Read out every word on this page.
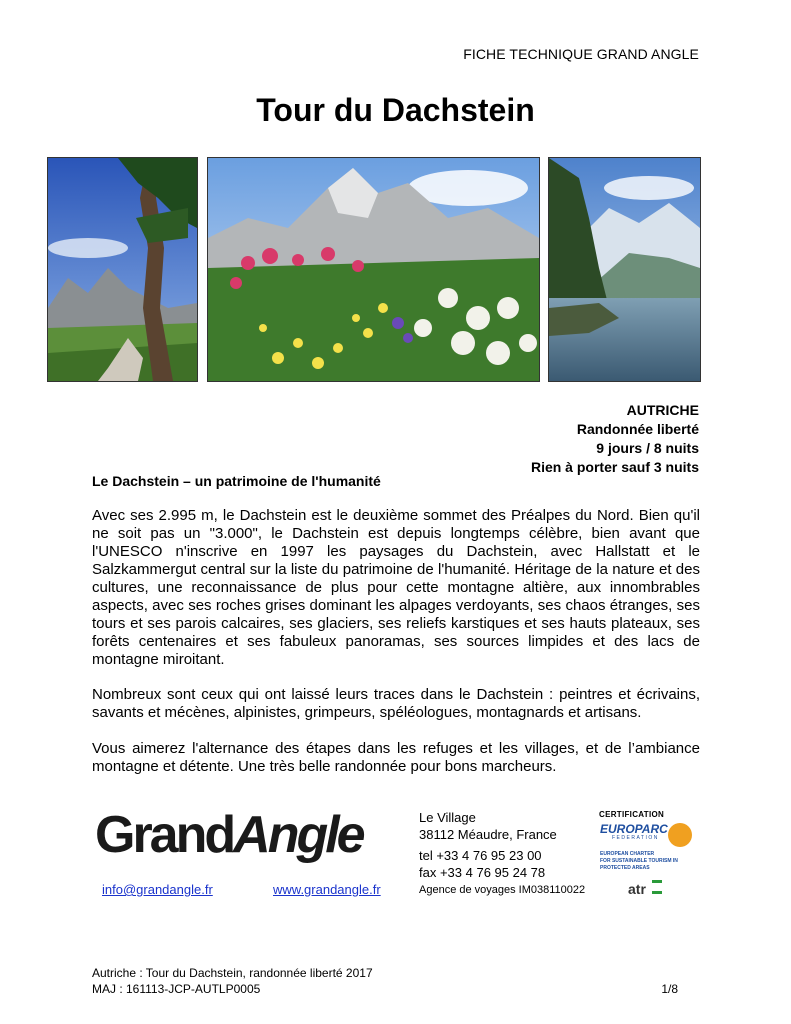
FICHE TECHNIQUE GRAND ANGLE
Tour du Dachstein
AUTRICHE
Randonnée liberté
9 jours / 8 nuits
Rien à porter sauf 3 nuits
Le Dachstein – un patrimoine de l'humanité
Avec ses 2.995 m, le Dachstein est le deuxième sommet des Préalpes du Nord. Bien qu'il ne soit pas un "3.000", le Dachstein est depuis longtemps célèbre, bien avant que l'UNESCO n'inscrive en 1997 les paysages du Dachstein, avec Hallstatt et le Salzkammergut central sur la liste du patrimoine de l'humanité. Héritage de la nature et des cultures, une reconnaissance de plus pour cette montagne altière, aux innombrables aspects, avec ses roches grises dominant les alpages verdoyants, ses chaos étranges, ses tours et ses parois calcaires, ses glaciers, ses reliefs karstiques et ses hauts plateaux, ses forêts centenaires et ses fabuleux panoramas, ses sources limpides et des lacs de montagne miroitant.
Nombreux sont ceux qui ont laissé leurs traces dans le Dachstein : peintres et écrivains, savants et mécènes, alpinistes, grimpeurs, spéléologues, montagnards et artisans.
Vous aimerez l'alternance des étapes dans les refuges et les villages, et de l’ambiance montagne et détente. Une très belle randonnée pour bons marcheurs.
GrandAngle
info@grandangle.fr	www.grandangle.fr
Le Village
38112 Méaudre, France
tel +33 4 76 95 23 00
fax +33 4 76 95 24 78
Agence de voyages IM038110022
CERTIFICATION
EUROPARC
FEDERATION
EUROPEAN CHARTER
FOR SUSTAINABLE TOURISM IN
PROTECTED AREAS
atr
Autriche : Tour du Dachstein, randonnée liberté 2017
MAJ : 161113-JCP-AUTLP0005	1/8
